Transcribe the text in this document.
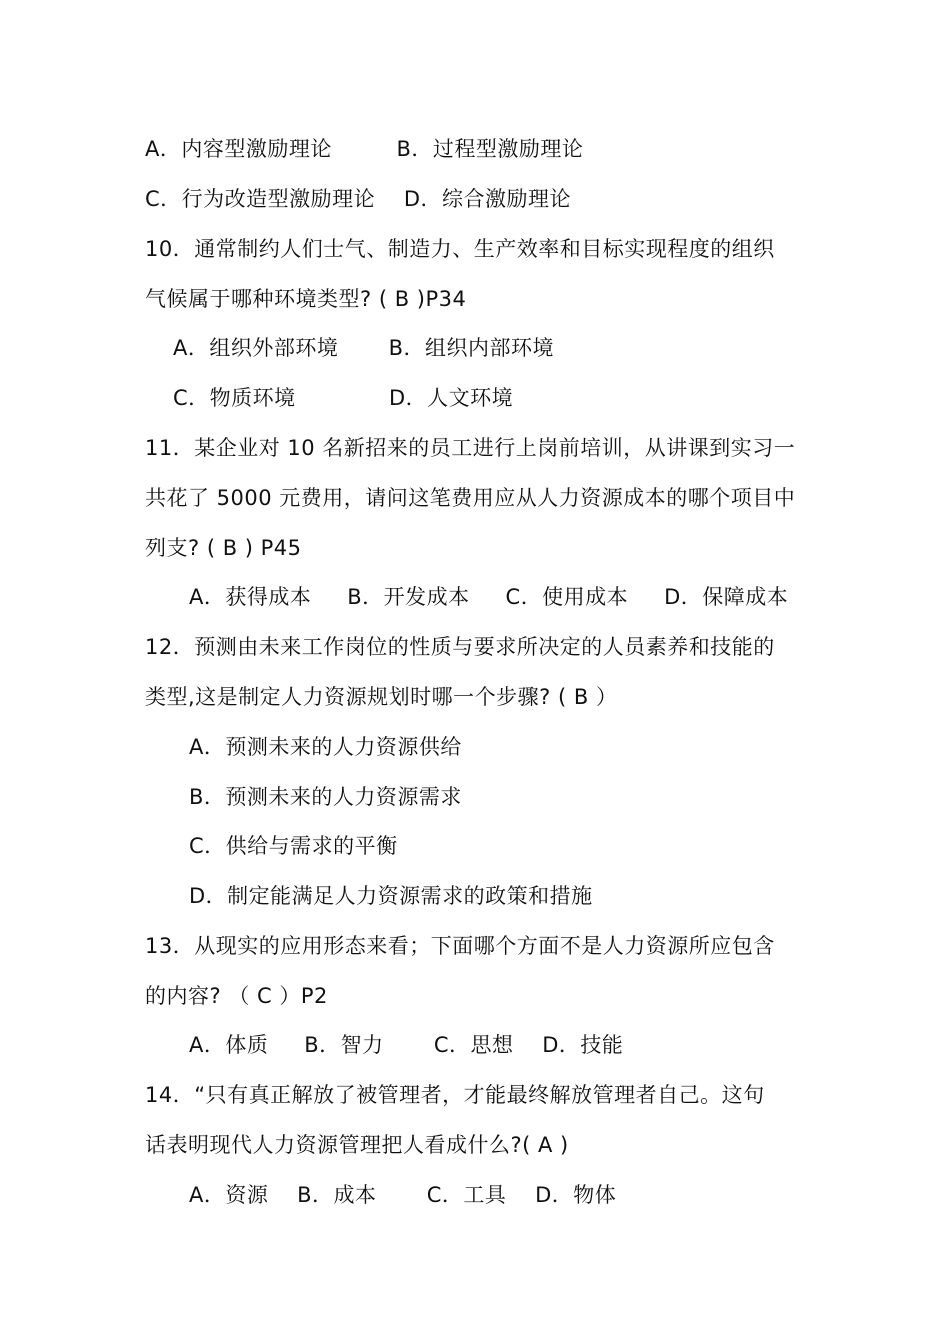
A．内容型激励理论         B．过程型激励理论
C．行为改造型激励理论    D．综合激励理论
10．通常制约人们士气、制造力、生产效率和目标实现程度的组织
气候属于哪种环境类型? ( B )P34
A．组织外部环境       B．组织内部环境
C．物质环境             D．人文环境
11．某企业对 10 名新招来的员工进行上岗前培训，从讲课到实习一
共花了 5000 元费用，请问这笔费用应从人力资源成本的哪个项目中
列支? ( B ) P45
A．获得成本     B．开发成本     C．使用成本     D．保障成本
12．预测由未来工作岗位的性质与要求所决定的人员素养和技能的
类型,这是制定人力资源规划时哪一个步骤? ( B ）
A．预测未来的人力资源供给
B．预测未来的人力资源需求
C．供给与需求的平衡
D．制定能满足人力资源需求的政策和措施
13．从现实的应用形态来看；下面哪个方面不是人力资源所应包含
的内容? （ C ）P2
A．体质     B．智力       C．思想    D．技能
14．“只有真正解放了被管理者，才能最终解放管理者自己。这句
话表明现代人力资源管理把人看成什么?( A )
A．资源    B．成本       C．工具    D．物体
